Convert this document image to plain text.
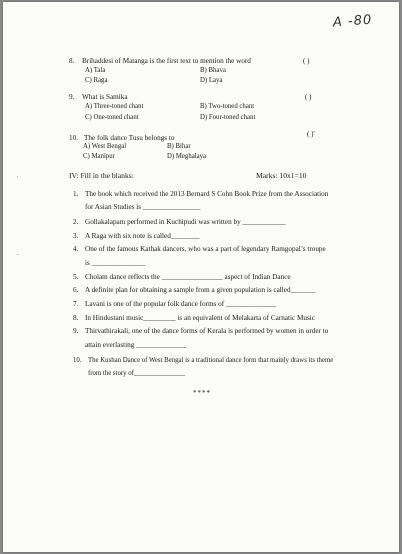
A -80
8. Brihaddesi of Matanga is the first text to mention the word	( )
A) Tala	B) Bhava
C) Raga	D) Laya
9. What is Samika	( )
A) Three-toned chant	B) Two-toned chant
C) One-toned chant	D) Four-toned chant
10. The folk dance Tusu belongs to	( )'
A) West Bengal	B) Bihar
C) Manipur	D) Meghalaya
IV: Fill in the blanks:	Marks: 10x1=10
'
-
1. The book which received the 2013 Bernard S Cohn Book Prize from the Association
for Asian Studies is ________________
2. Gollakalapam performed in Kuchipudi was written by ____________
3. A Raga with six note is called________
4. One of the famous Kathak dancers, who was a part of legendary Ramgopal’s troupe
is _______________
5. Cholam dance reflects the _________________ aspect of Indian Dance
6. A definite plan for obtaining a sample from a given population is called_______
7. Lavani is one of the popular folk dance forms of ______________
8. In Hindustani music_________ is an equivalent of Melakarta of Carnatic Music
9. Thirvathirakali, one of the dance forms of Kerala is performed by women in order to
attain everlasting ______________
10. The Kushan Dance of West Bengal is a traditional dance form that mainly draws its theme
from the story of_______________
****
